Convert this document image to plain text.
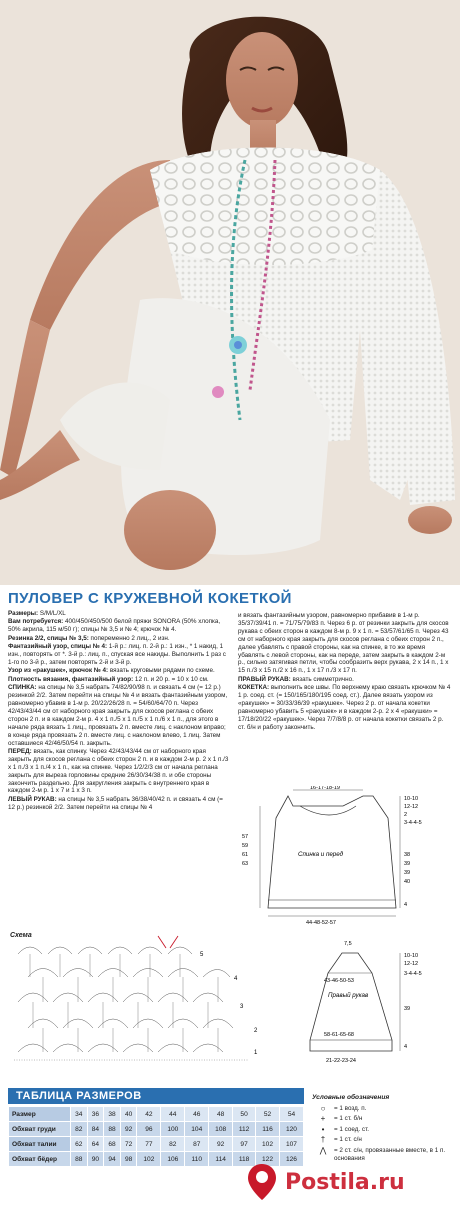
ПУЛОВЕР С КРУЖЕВНОЙ КОКЕТКОЙ

Размеры: S/M/L/XL

Вам потребуется: 400/450/450/500 белой пряжи SONORA (50% хлопка, 50% акрила, 115 м/50 г); спицы № 3,5 и № 4; крючок № 4.

Резинка 2/2, спицы № 3,5: попеременно 2 лиц., 2 изн.

Фантазийный узор, спицы № 4: 1-й р.: лиц. п. 2-й р.: 1 изн., * 1 накид, 1 изн., повторять от *. 3-й р.: лиц. п., спуская все накиды. Выполнить 1 раз с 1-го по 3-й р., затем повторять 2-й и 3-й р.

Узор из «ракушек», крючок № 4: вязать круговыми рядами по схеме.

Плотность вязания, фантазийный узор: 12 п. и 20 р. = 10 х 10 см.

СПИНКА: на спицы № 3,5 набрать 74/82/90/98 п. и связать 4 см (= 12 р.) резинкой 2/2. Затем перейти на спицы № 4 и вязать фантазийным узором, равномерно убавив в 1-м р. 20/22/26/28 п. = 54/60/64/70 п. Через 42/43/43/44 см от наборного края закрыть для скосов реглана с обеих сторон 2 п. и в каждом 2-м р. 4 х 1 п./5 х 1 п./5 х 1 п./6 х 1 п., для этого в начале ряда вязать 1 лиц., провязать 2 п. вместе лиц. с наклоном вправо; в конце ряда провязать 2 п. вместе лиц. с наклоном влево, 1 лиц. Затем оставшиеся 42/46/50/54 п. закрыть.

ПЕРЕД: вязать, как спинку. Через 42/43/43/44 см от наборного края закрыть для скосов реглана с обеих сторон 2 п. и в каждом 2-м р. 2 х 1 п./3 х 1 п./3 х 1 п./4 х 1 п., как на спинке. Через 1/2/2/3 см от начала реглана закрыть для выреза горловины средние 26/30/34/38 п. и обе стороны закончить раздельно. Для закругления закрыть с внутреннего края в каждом 2-м р. 1 х 7 и 1 х 3 п.

ЛЕВЫЙ РУКАВ: на спицы № 3,5 набрать 36/38/40/42 п. и связать 4 см (= 12 р.) резинкой 2/2. Затем перейти на спицы № 4

и вязать фантазийным узором, равномерно прибавив в 1-м р. 35/37/39/41 п. = 71/75/79/83 п. Через 6 р. от резинки закрыть для скосов рукава с обеих сторон в каждом 8-м р. 9 х 1 п. = 53/57/61/65 п. Через 43 см от наборного края закрыть для скосов реглана с обеих сторон 2 п., далее убавлять с правой стороны, как на спинке, в то же время убавлять с левой стороны, как на переде, затем закрыть в каждом 2-м р., сильно затягивая петли, чтобы сообразить верх рукава, 2 х 14 п., 1 х 15 п./3 х 15 п./2 х 16 п., 1 х 17 п./3 х 17 п.

ПРАВЫЙ РУКАВ: вязать симметрично.

КОКЕТКА: выполнить все швы. По верхнему краю связать крючком № 4 1 р. соед. ст. (= 150/165/180/195 соед. ст.). Далее вязать узором из «ракушек» = 30/33/36/39 «ракушек». Через 2 р. от начала кокетки равномерно убавить 5 «ракушек» и в каждом 2-р. 2 х 4 «ракушки» = 17/18/20/22 «ракушек». Через 7/7/8/8 р. от начала кокетки связать 2 р. ст. б/н и работу закончить.

16-17-18-19
44-48-52-57
Спинка и перед
57
59
61
63
10-10
12-12
2
3-4-4-5
38
39
39
40
4
7,5
43-46-50-53
Правый рукав
58-61-65-68
21-22-23-24
10-10
12-12
3-4-4-5
39
4
Схема
5
4
3
2
1
ТАБЛИЦА РАЗМЕРОВ
Размер	34	36	38	40	42	44	46	48	50	52	54
Обхват груди	82	84	88	92	96	100	104	108	112	116	120
Обхват талии	62	64	68	72	77	82	87	92	97	102	107
Обхват бёдер	88	90	94	98	102	106	110	114	118	122	126
Условные обозначения
○	= 1 возд. п.
+	= 1 ст. б/н
•	= 1 соед. ст.
†	= 1 ст. с/н
⋀	= 2 ст. с/н, провязанные вместе, в 1 п. основания
Postila.ru
